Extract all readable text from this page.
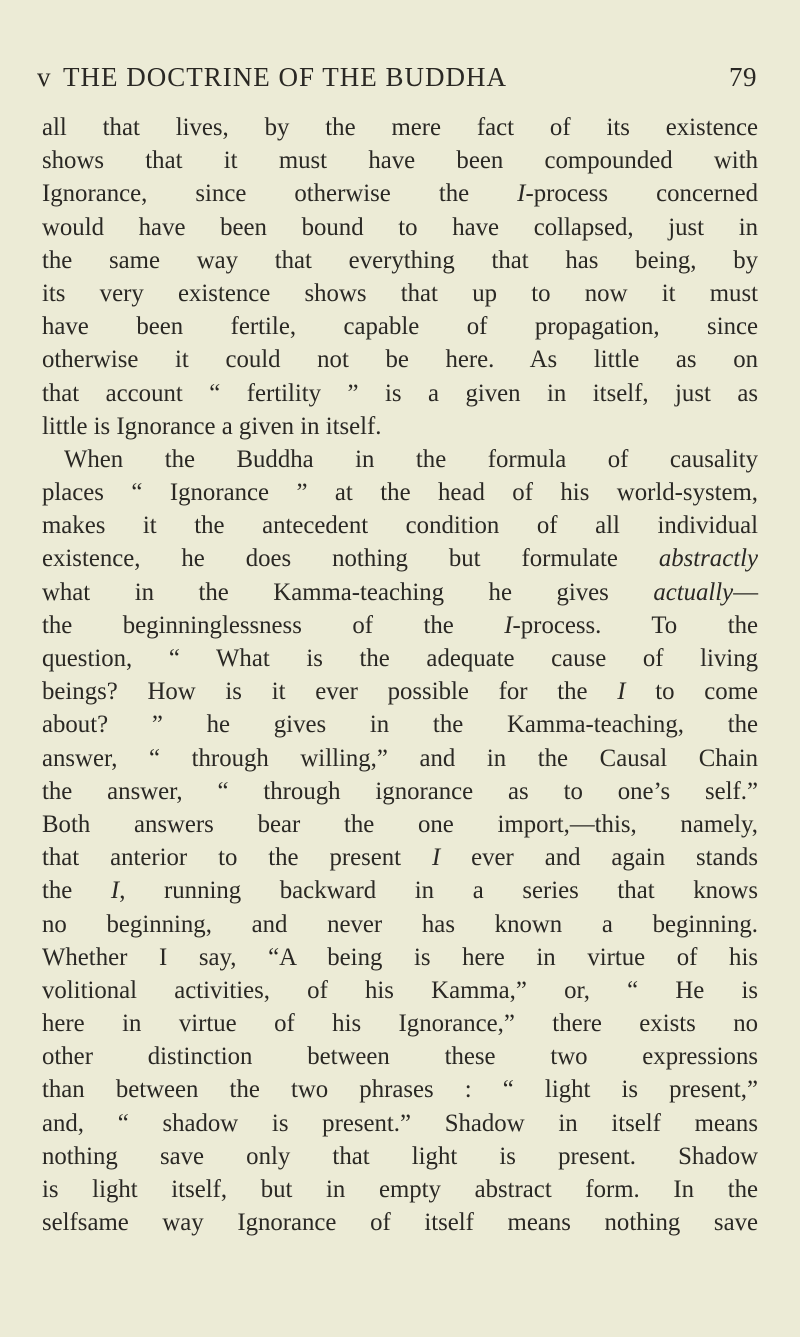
v THE DOCTRINE OF THE BUDDHA	79
all that lives, by the mere fact of its existence
shows that it must have been compounded with
Ignorance, since otherwise the I-process concerned
would have been bound to have collapsed, just in
the same way that everything that has being, by
its very existence shows that up to now it must
have been fertile, capable of propagation, since
otherwise it could not be here. As little as on
that account “ fertility ” is a given in itself, just as
little is Ignorance a given in itself.
When the Buddha in the formula of causality
places “ Ignorance ” at the head of his world-system,
makes it the antecedent condition of all individual
existence, he does nothing but formulate abstractly
what in the Kamma-teaching he gives actually—
the beginninglessness of the I-process. To the
question, “ What is the adequate cause of living
beings? How is it ever possible for the I to come
about? ” he gives in the Kamma-teaching, the
answer, “ through willing,” and in the Causal Chain
the answer, “ through ignorance as to one’s self.”
Both answers bear the one import,—this, namely,
that anterior to the present I ever and again stands
the I, running backward in a series that knows
no beginning, and never has known a beginning.
Whether I say, “A being is here in virtue of his
volitional activities, of his Kamma,” or, “ He is
here in virtue of his Ignorance,” there exists no
other distinction between these two expressions
than between the two phrases : “ light is present,”
and, “ shadow is present.” Shadow in itself means
nothing save only that light is present. Shadow
is light itself, but in empty abstract form. In the
selfsame way Ignorance of itself means nothing save
